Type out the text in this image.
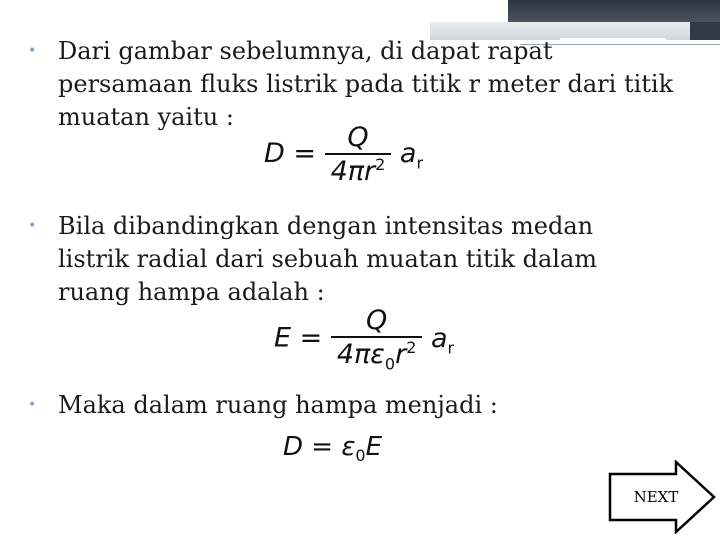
• Dari gambar sebelumnya, di dapat rapat
persamaan fluks listrik pada titik r meter dari titik
muatan yaitu :
$D = \frac{Q}{4\pi r^2} a_r$
• Bila dibandingkan dengan intensitas medan
listrik radial dari sebuah muatan titik dalam
ruang hampa adalah :
$E = \frac{Q}{4\pi\varepsilon_0r^2} a_r$
• Maka dalam ruang hampa menjadi :
$D = \varepsilon_0E$
NEXT
